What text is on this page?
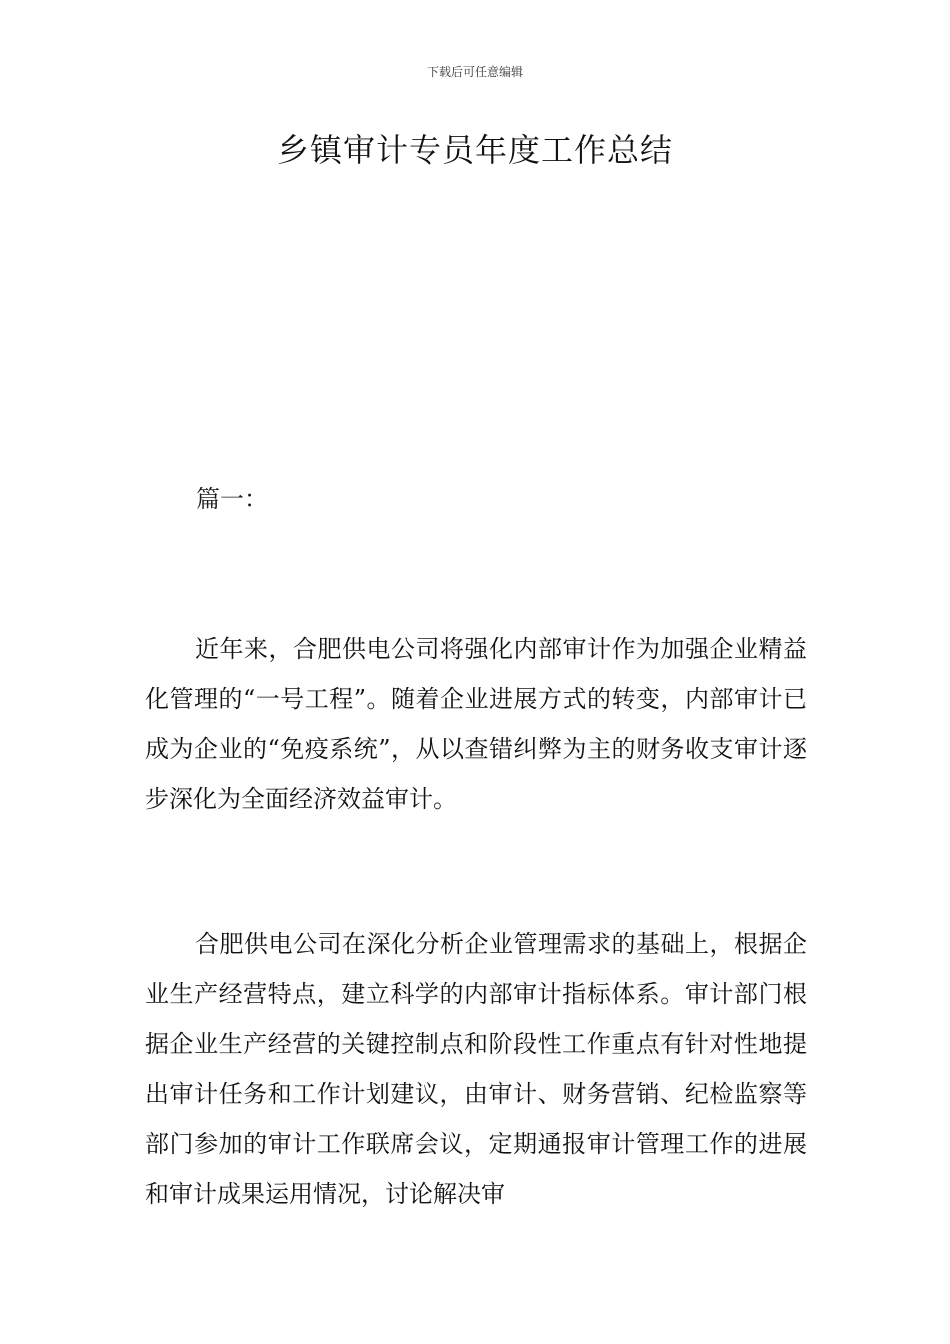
下载后可任意编辑
乡镇审计专员年度工作总结
篇一：

近年来，合肥供电公司将强化内部审计作为加强企业精益化管理的“一号工程”。随着企业进展方式的转变，内部审计已成为企业的“免疫系统”，从以查错纠弊为主的财务收支审计逐步深化为全面经济效益审计。

合肥供电公司在深化分析企业管理需求的基础上，根据企业生产经营特点，建立科学的内部审计指标体系。审计部门根据企业生产经营的关键控制点和阶段性工作重点有针对性地提出审计任务和工作计划建议，由审计、财务营销、纪检监察等部门参加的审计工作联席会议，定期通报审计管理工作的进展和审计成果运用情况，讨论解决审
